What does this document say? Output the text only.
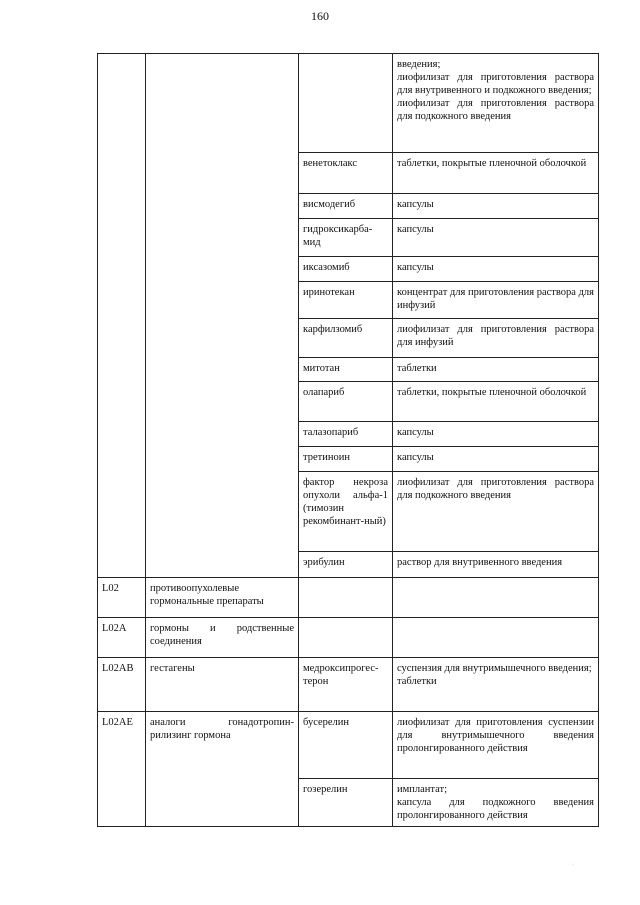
160

			введения;
лиофилизат для приготовления раствора для внутривенного и подкожного введения;
лиофилизат для приготовления раствора для подкожного введения

		венетоклакс	таблетки, покрытые пленочной оболочкой

		висмодегиб	капсулы

		гидроксикарба-мид	капсулы

		иксазомиб	капсулы

		иринотекан	концентрат для приготовления раствора для инфузий

		карфилзомиб	лиофилизат для приготовления раствора для инфузий

		митотан	таблетки

		олапариб	таблетки, покрытые пленочной оболочкой

		талазопариб	капсулы

		третиноин	капсулы

		фактор некроза опухоли альфа-1 (тимозин рекомбинант-ный)	лиофилизат для приготовления раствора для подкожного введения

		эрибулин	раствор для внутривенного введения

L02	противоопухолевые гормональные препараты		
L02A	гормоны и родственные соединения		
L02AB	гестагены	медроксипрогес-терон	суспензия для внутримышечного введения;
таблетки

L02AE	аналоги гонадотропин-рилизинг гормона	бусерелин	лиофилизат для приготовления суспензии для внутримышечного введения пролонгированного действия

		гозерелин	имплантат;
капсула для подкожного введения пролонгированного действия
·
